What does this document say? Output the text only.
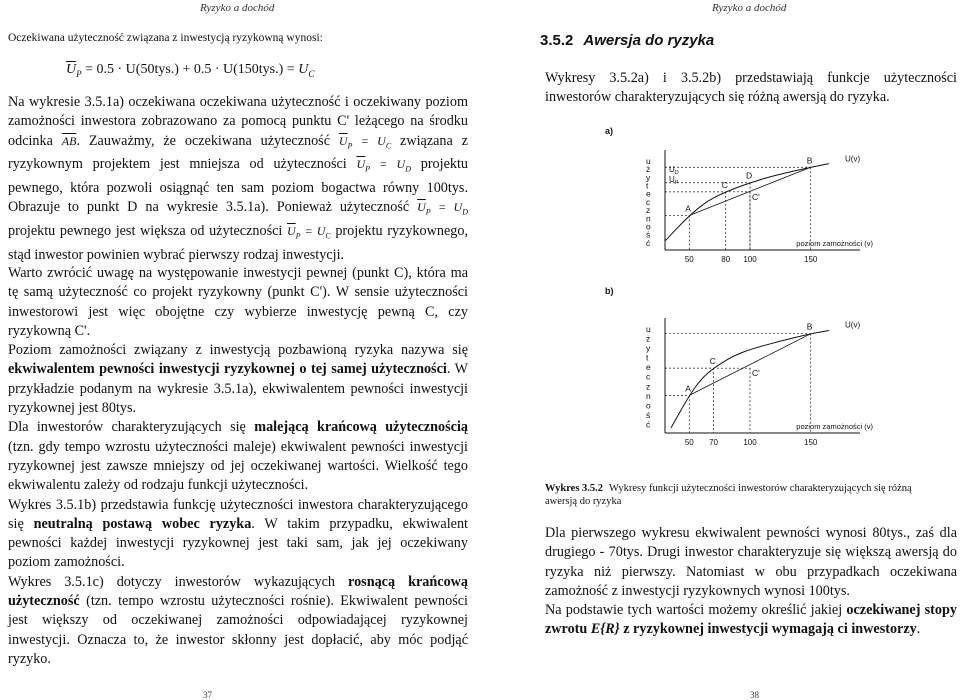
Ryzyko a dochód
Oczekiwana użyteczność związana z inwestycją ryzykowną wynosi:
$\overline{U}_P = 0.5 \cdot U(50tys.) + 0.5 \cdot U(150tys.) = U_C$
Na wykresie 3.5.1a) oczekiwana oczekiwana użyteczność i oczekiwany poziom zamożności inwestora zobrazowano za pomocą punktu C' leżącego na środku odcinka $\overline{AB}$. Zauważmy, że oczekiwana użyteczność $\overline{U}_P = U_C$ związana z ryzykownym projektem jest mniejsza od użyteczności $\overline{U}_P = U_D$ projektu pewnego, która pozwoli osiągnąć ten sam poziom bogactwa równy 100tys. Obrazuje to punkt D na wykresie 3.5.1a). Ponieważ użyteczność $\overline{U}_P = U_D$ projektu pewnego jest większa od użyteczności $\overline{U}_P = U_C$ projektu ryzykownego, stąd inwestor powinien wybrać pierwszy rodzaj inwestycji.

Warto zwrócić uwagę na występowanie inwestycji pewnej (punkt C), która ma tę samą użyteczność co projekt ryzykowny (punkt C'). W sensie użyteczności inwestorowi jest więc obojętne czy wybierze inwestycję pewną C, czy ryzykowną C'.

Poziom zamożności związany z inwestycją pozbawioną ryzyka nazywa się ekwiwalentem pewności inwestycji ryzykownej o tej samej użyteczności. W przykładzie podanym na wykresie 3.5.1a), ekwiwalentem pewności inwestycji ryzykownej jest 80tys.

Dla inwestorów charakteryzujących się malejącą krańcową użytecznością (tzn. gdy tempo wzrostu użyteczności maleje) ekwiwalent pewności inwestycji ryzykownej jest zawsze mniejszy od jej oczekiwanej wartości. Wielkość tego ekwiwalentu zależy od rodzaju funkcji użyteczności.

Wykres 3.5.1b) przedstawia funkcję użyteczności inwestora charakteryzującego się neutralną postawą wobec ryzyka. W takim przypadku, ekwiwalent pewności każdej inwestycji ryzykownej jest taki sam, jak jej oczekiwany poziom zamożności.

Wykres 3.5.1c) dotyczy inwestorów wykazujących rosnącą krańcową użyteczność (tzn. tempo wzrostu użyteczności rośnie). Ekwiwalent pewności jest większy od oczekiwanej zamożności odpowiadającej ryzykownej inwestycji. Oznacza to, że inwestor skłonny jest dopłacić, aby móc podjąć ryzyko.

37
Ryzyko a dochód
38
3.5.2 Awersja do ryzyka
Wykresy 3.5.2a) i 3.5.2b) przedstawiają funkcje użyteczności inwestorów charakteryzujących się różną awersją do ryzyka.
a)
b)
u
ż
y
t
e
c
z
n
o
ś
ć
A
C
D
C'
B
$U_D$
$U_P$
50	80 100	150
U(v)
poziom zamożności (v)
u
ż
y
t
e
c
z
n
o
ś
ć
A
C
C'
B
50 70	100	150
U(v)
poziom zamożności (v)
Wykres 3.5.2 Wykresy funkcji użyteczności inwestorów charakteryzujących się różną awersją do ryzyka

Dla pierwszego wykresu ekwiwalent pewności wynosi 80tys., zaś dla drugiego - 70tys. Drugi inwestor charakteryzuje się większą awersją do ryzyka niż pierwszy. Natomiast w obu przypadkach oczekiwana zamożność z inwestycji ryzykownych wynosi 100tys.

Na podstawie tych wartości możemy określić jakiej oczekiwanej stopy zwrotu E{R} z ryzykownej inwestycji wymagają ci inwestorzy.
